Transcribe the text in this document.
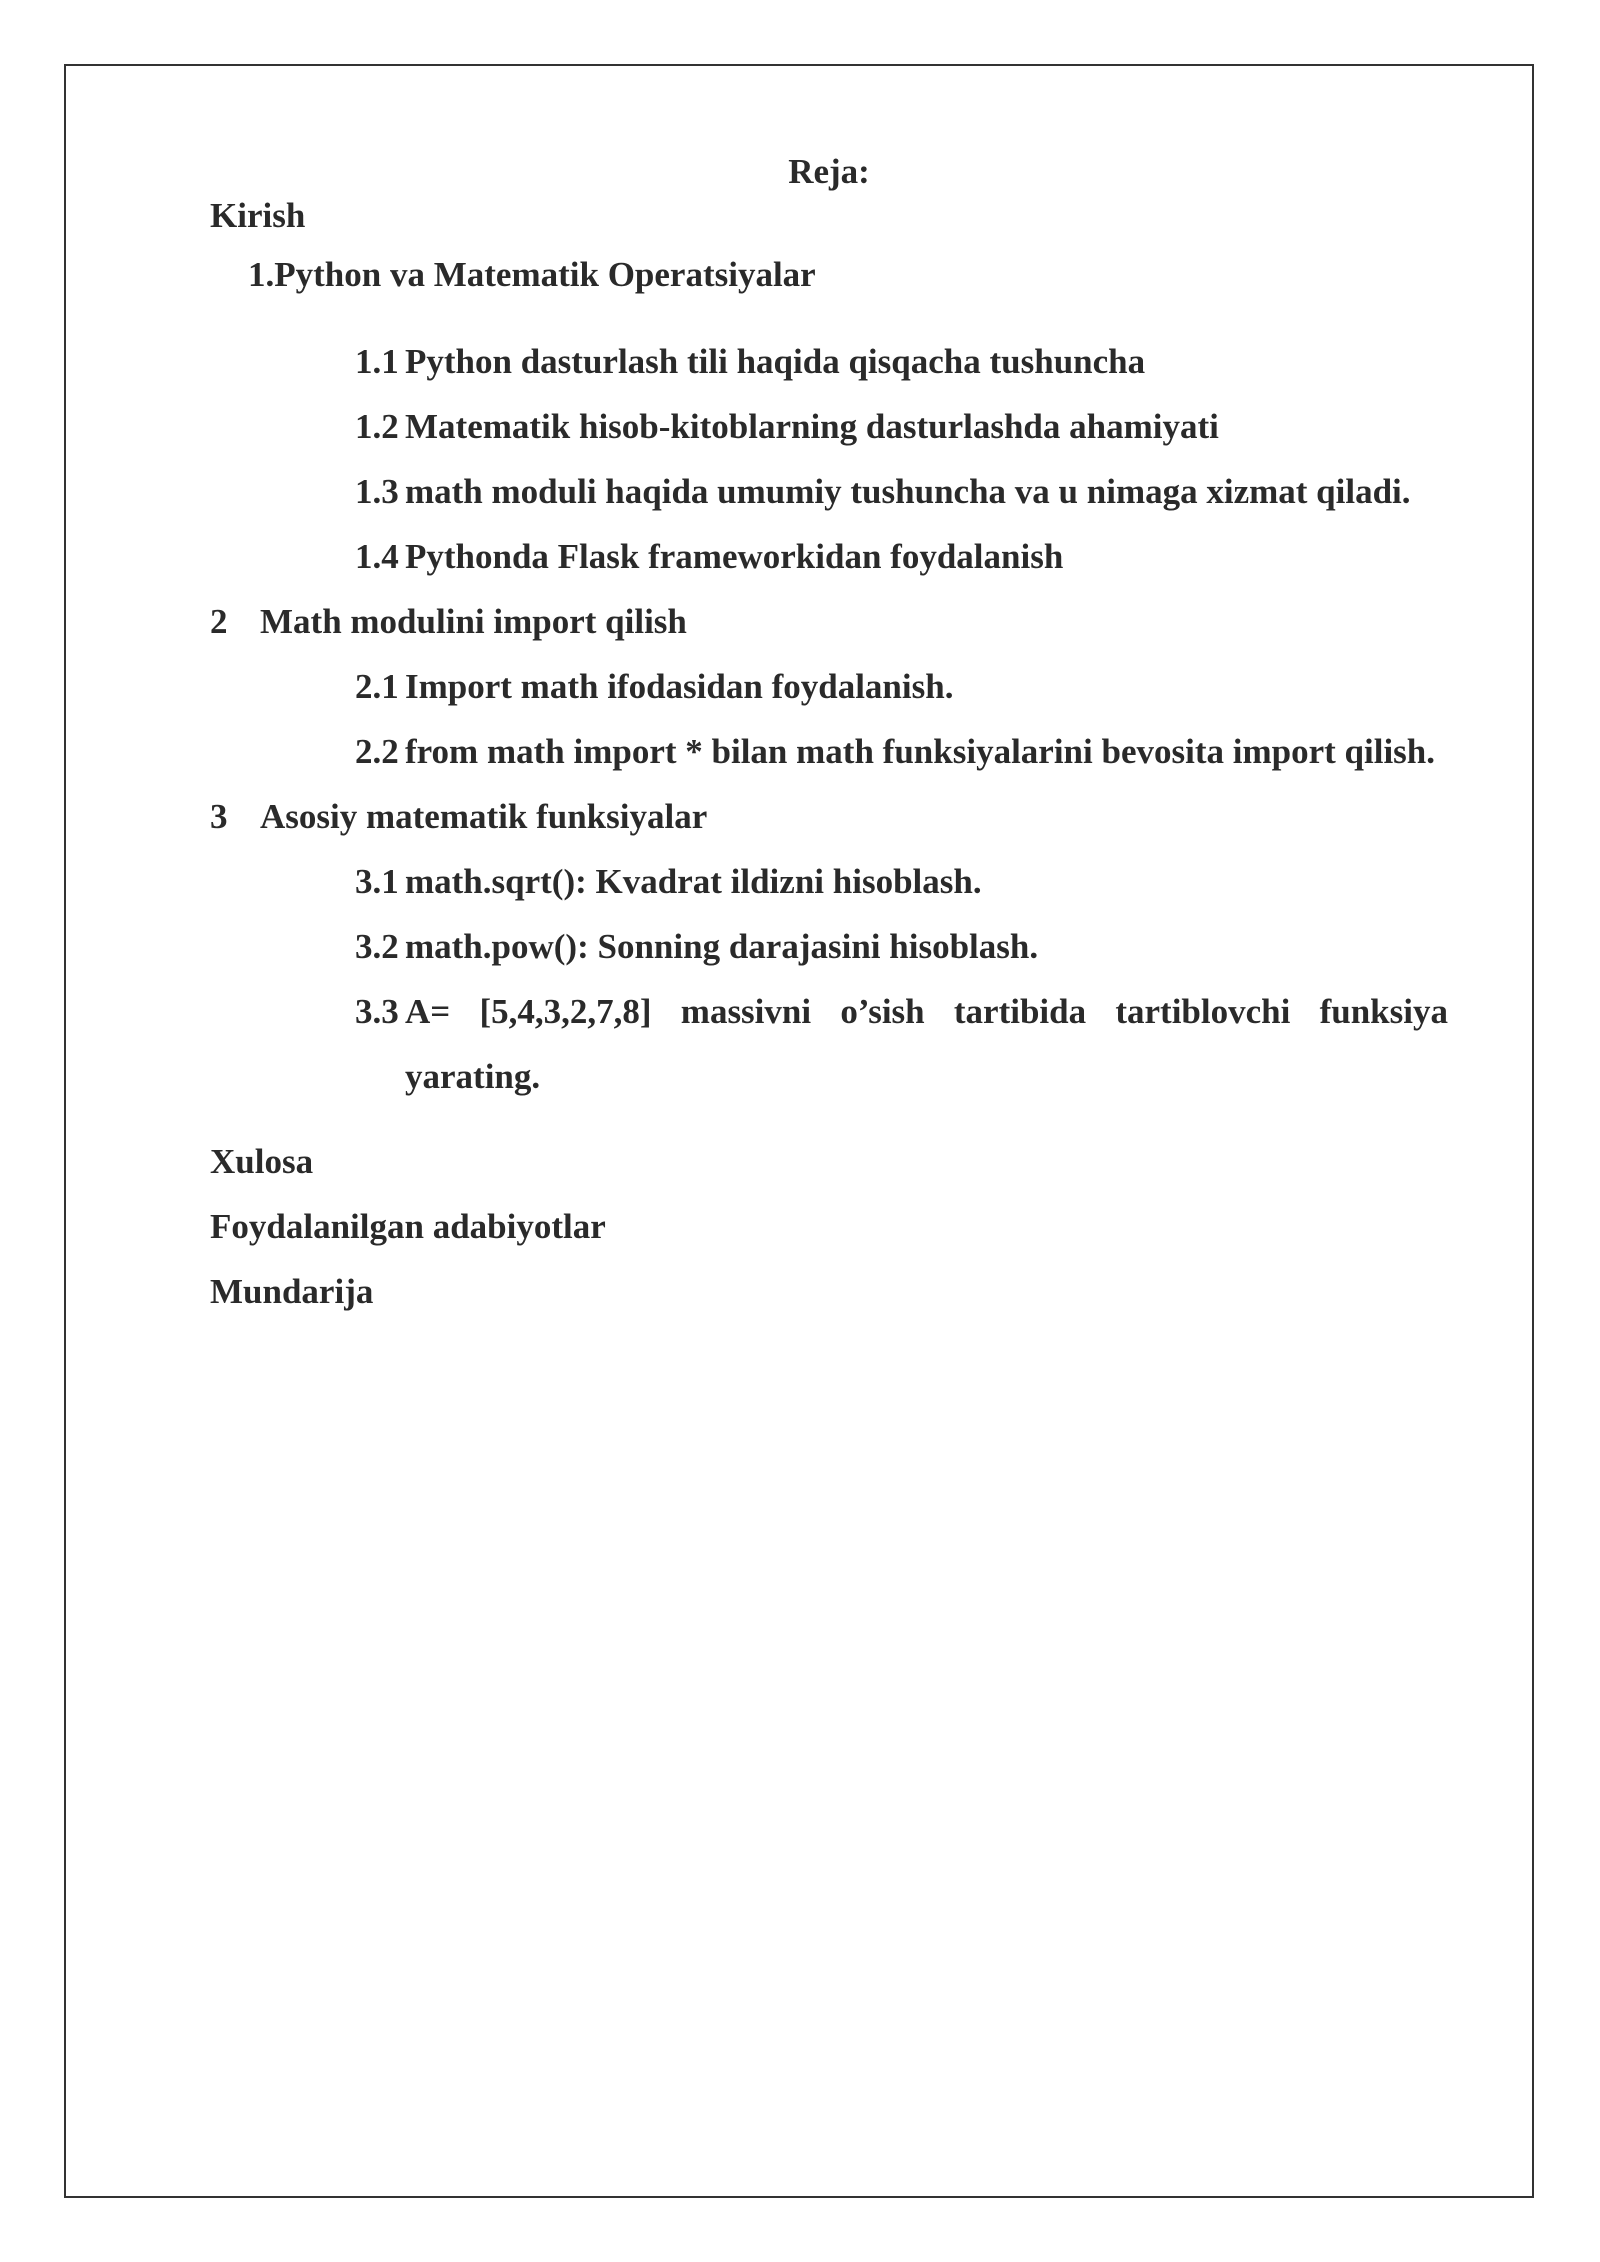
Reja:
Kirish
1.Python va Matematik Operatsiyalar
1.1 Python dasturlash tili haqida qisqacha tushuncha
1.2 Matematik hisob-kitoblarning dasturlashda ahamiyati
1.3 math moduli haqida umumiy tushuncha va u nimaga xizmat qiladi.
1.4 Pythonda Flask frameworkidan foydalanish
2 Math modulini import qilish
2.1 Import math ifodasidan foydalanish.
2.2 from math import * bilan math funksiyalarini bevosita import qilish.
3 Asosiy matematik funksiyalar
3.1 math.sqrt(): Kvadrat ildizni hisoblash.
3.2 math.pow(): Sonning darajasini hisoblash.
3.3 A= [5,4,3,2,7,8] massivni o’sish tartibida tartiblovchi funksiya yarating.
Xulosa
Foydalanilgan adabiyotlar
Mundarija
